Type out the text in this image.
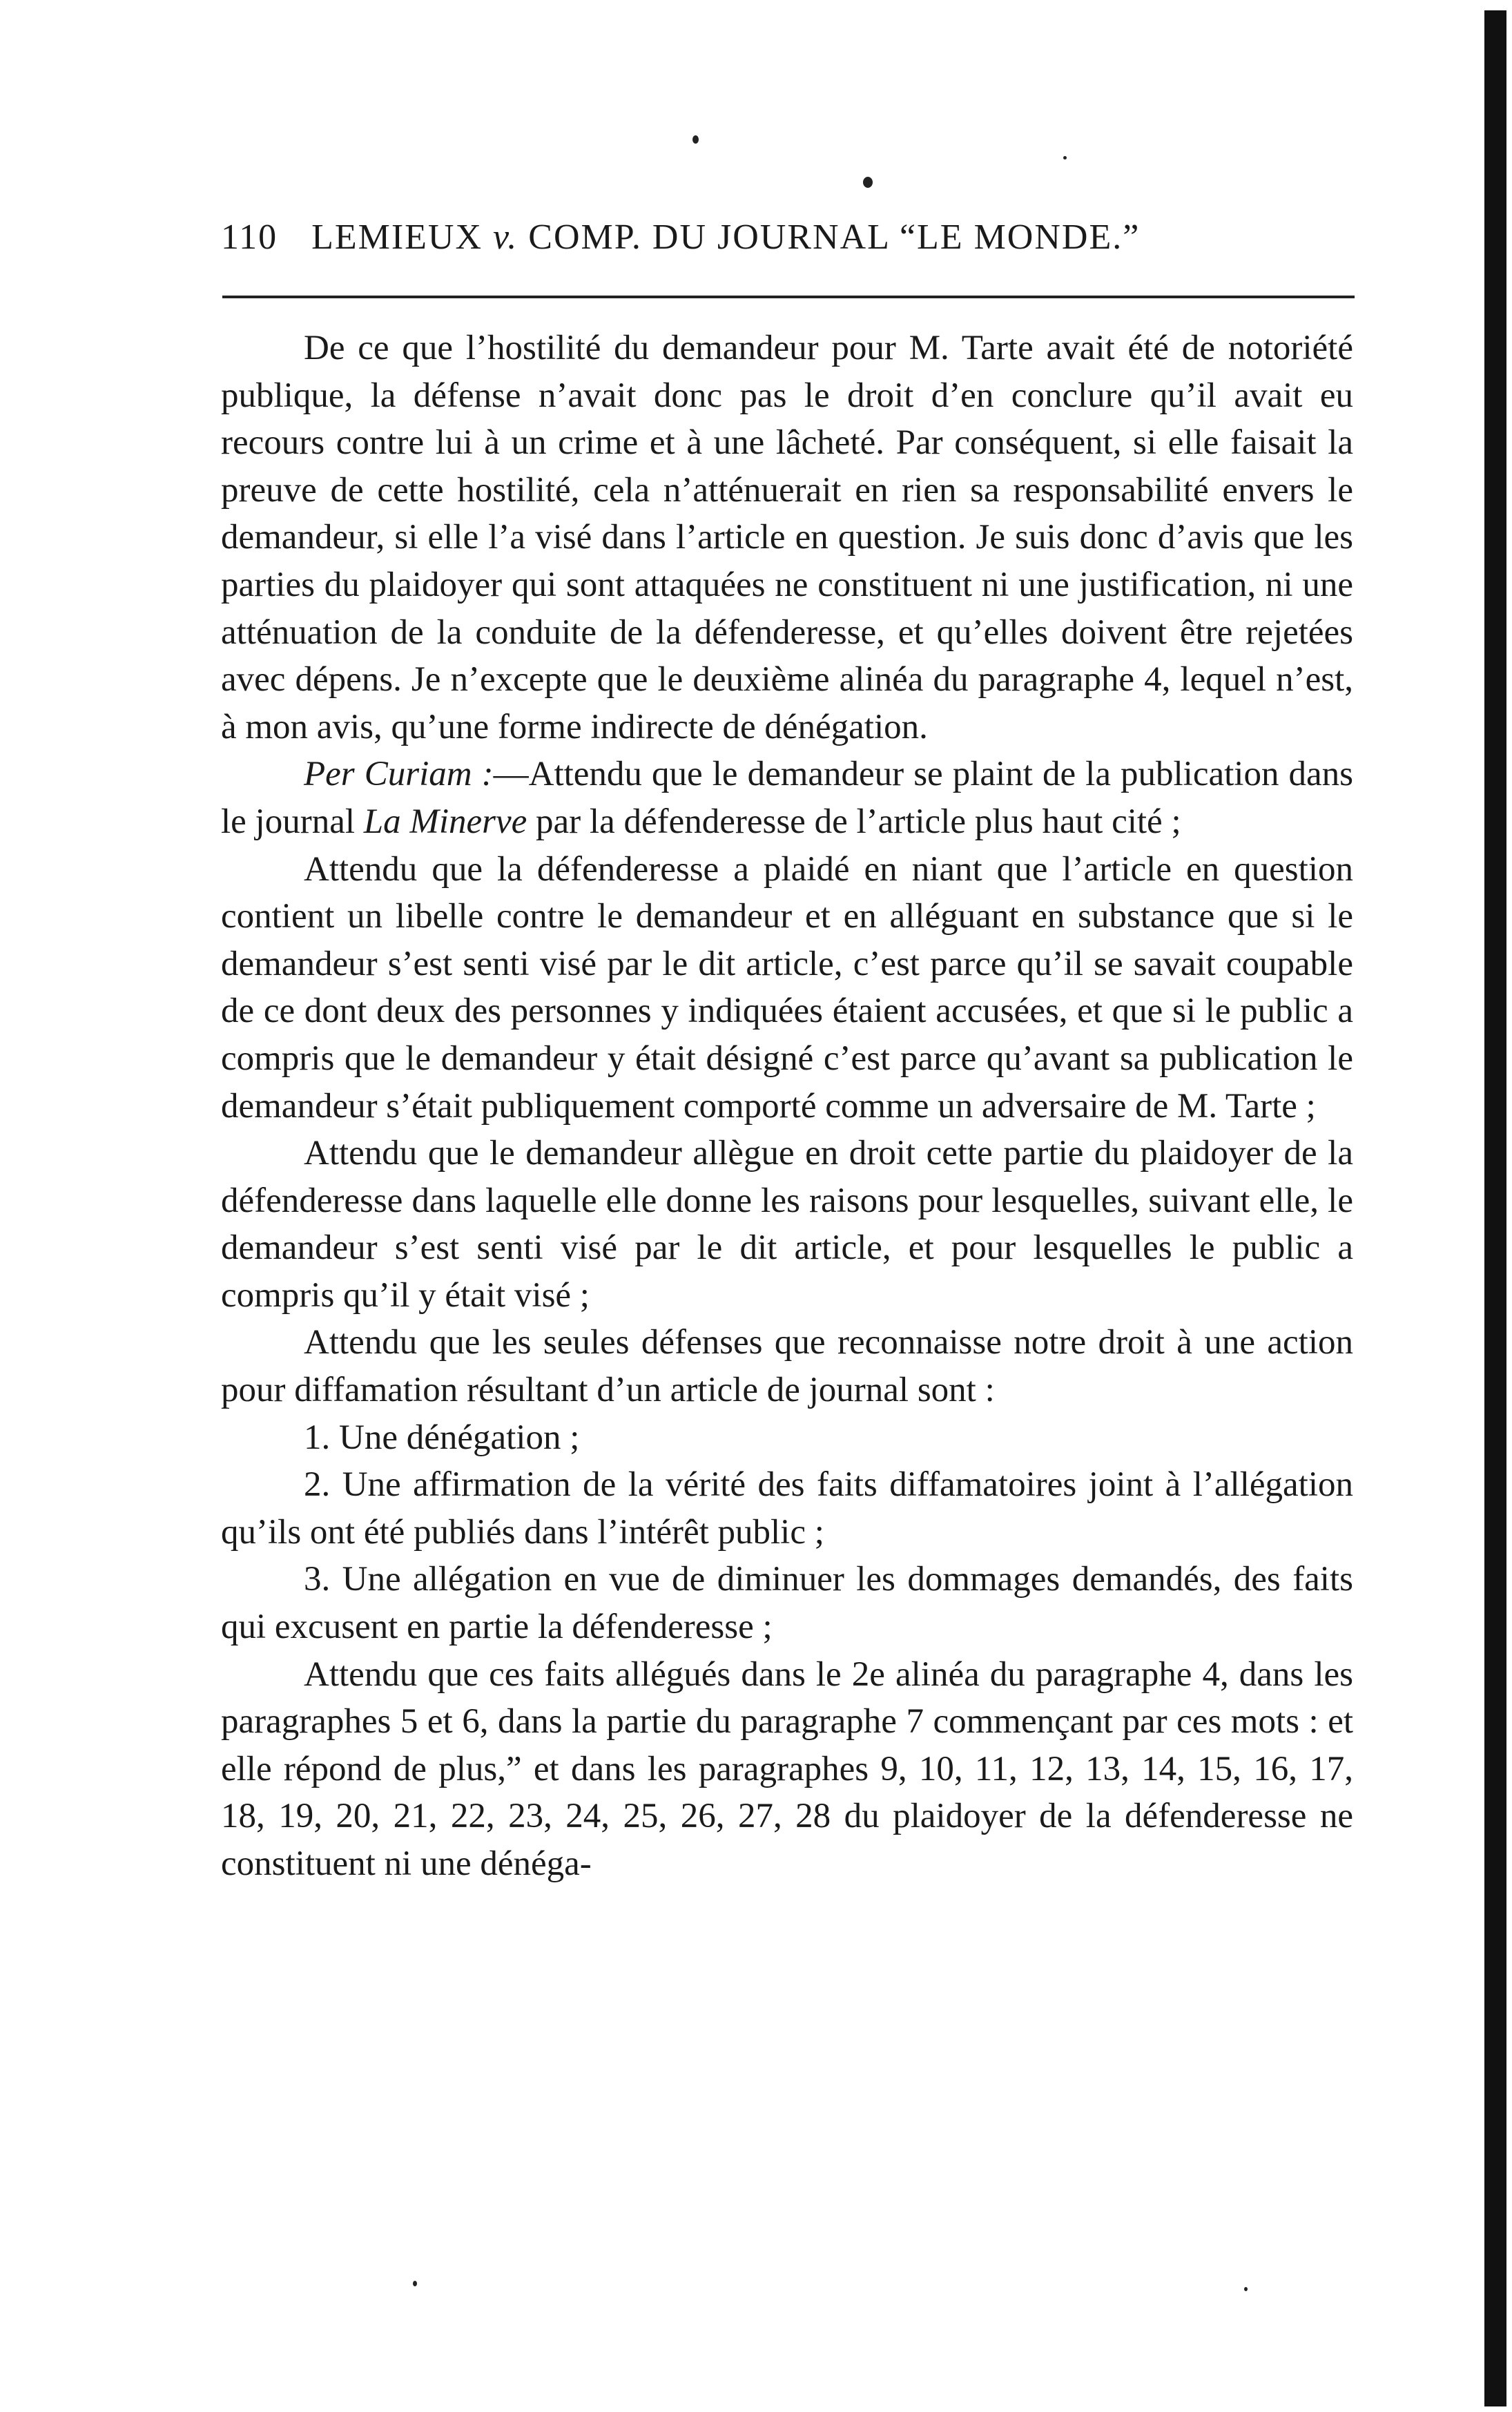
110 LEMIEUX v. COMP. DU JOURNAL “LE MONDE.”

De ce que l’hostilité du demandeur pour M. Tarte avait été de notoriété publique, la défense n’avait donc pas le droit d’en conclure qu’il avait eu recours contre lui à un crime et à une lâcheté. Par conséquent, si elle faisait la preuve de cette hostilité, cela n’atténuerait en rien sa responsabilité envers le demandeur, si elle l’a visé dans l’article en question. Je suis donc d’avis que les parties du plaidoyer qui sont attaquées ne constituent ni une justification, ni une atténuation de la conduite de la défenderesse, et qu’elles doivent être rejetées avec dépens. Je n’excepte que le deuxième alinéa du paragraphe 4, lequel n’est, à mon avis, qu’une forme indirecte de dénégation.

Per Curiam :—Attendu que le demandeur se plaint de la publication dans le journal La Minerve par la défenderesse de l’article plus haut cité ;

Attendu que la défenderesse a plaidé en niant que l’article en question contient un libelle contre le demandeur et en alléguant en substance que si le demandeur s’est senti visé par le dit article, c’est parce qu’il se savait coupable de ce dont deux des personnes y indiquées étaient accusées, et que si le public a compris que le demandeur y était désigné c’est parce qu’avant sa publication le demandeur s’était publiquement comporté comme un adversaire de M. Tarte ;

Attendu que le demandeur allègue en droit cette partie du plaidoyer de la défenderesse dans laquelle elle donne les raisons pour lesquelles, suivant elle, le demandeur s’est senti visé par le dit article, et pour lesquelles le public a compris qu’il y était visé ;

Attendu que les seules défenses que reconnaisse notre droit à une action pour diffamation résultant d’un article de journal sont :

1. Une dénégation ;

2. Une affirmation de la vérité des faits diffamatoires joint à l’allégation qu’ils ont été publiés dans l’intérêt public ;

3. Une allégation en vue de diminuer les dommages demandés, des faits qui excusent en partie la défenderesse ;

Attendu que ces faits allégués dans le 2e alinéa du paragraphe 4, dans les paragraphes 5 et 6, dans la partie du paragraphe 7 commençant par ces mots : et elle répond de plus,” et dans les paragraphes 9, 10, 11, 12, 13, 14, 15, 16, 17, 18, 19, 20, 21, 22, 23, 24, 25, 26, 27, 28 du plaidoyer de la défenderesse ne constituent ni une dénéga-
